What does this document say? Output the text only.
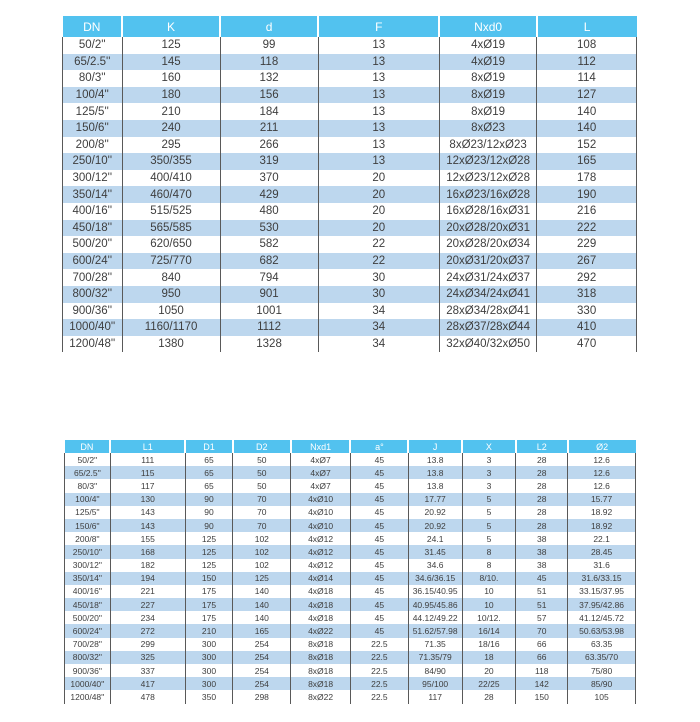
DN	K	d	F	Nxd0	L
50/2''	125	99	13	4xØ19	108
65/2.5''	145	118	13	4xØ19	112
80/3''	160	132	13	8xØ19	114
100/4''	180	156	13	8xØ19	127
125/5''	210	184	13	8xØ19	140
150/6''	240	211	13	8xØ23	140
200/8''	295	266	13	8xØ23/12xØ23	152
250/10''	350/355	319	13	12xØ23/12xØ28	165
300/12''	400/410	370	20	12xØ23/12xØ28	178
350/14''	460/470	429	20	16xØ23/16xØ28	190
400/16''	515/525	480	20	16xØ28/16xØ31	216
450/18''	565/585	530	20	20xØ28/20xØ31	222
500/20''	620/650	582	22	20xØ28/20xØ34	229
600/24''	725/770	682	22	20xØ31/20xØ37	267
700/28''	840	794	30	24xØ31/24xØ37	292
800/32''	950	901	30	24xØ34/24xØ41	318
900/36''	1050	1001	34	28xØ34/28xØ41	330
1000/40''	1160/1170	1112	34	28xØ37/28xØ44	410
1200/48''	1380	1328	34	32xØ40/32xØ50	470
DN	L1	D1	D2	Nxd1	a°	J	X	L2	Ø2
50/2''	111	65	50	4xØ7	45	13.8	3	28	12.6
65/2.5''	115	65	50	4xØ7	45	13.8	3	28	12.6
80/3''	117	65	50	4xØ7	45	13.8	3	28	12.6
100/4''	130	90	70	4xØ10	45	17.77	5	28	15.77
125/5''	143	90	70	4xØ10	45	20.92	5	28	18.92
150/6''	143	90	70	4xØ10	45	20.92	5	28	18.92
200/8''	155	125	102	4xØ12	45	24.1	5	38	22.1
250/10''	168	125	102	4xØ12	45	31.45	8	38	28.45
300/12''	182	125	102	4xØ12	45	34.6	8	38	31.6
350/14''	194	150	125	4xØ14	45	34.6/36.15	8/10.	45	31.6/33.15
400/16''	221	175	140	4xØ18	45	36.15/40.95	10	51	33.15/37.95
450/18''	227	175	140	4xØ18	45	40.95/45.86	10	51	37.95/42.86
500/20''	234	175	140	4xØ18	45	44.12/49.22	10/12.	57	41.12/45.72
600/24''	272	210	165	4xØ22	45	51.62/57.98	16/14	70	50.63/53.98
700/28''	299	300	254	8xØ18	22.5	71.35	18/16	66	63.35
800/32''	325	300	254	8xØ18	22.5	71.35/79	18	66	63.35/70
900/36''	337	300	254	8xØ18	22.5	84/90	20	118	75/80
1000/40''	417	300	254	8xØ18	22.5	95/100	22/25	142	85/90
1200/48''	478	350	298	8xØ22	22.5	117	28	150	105
